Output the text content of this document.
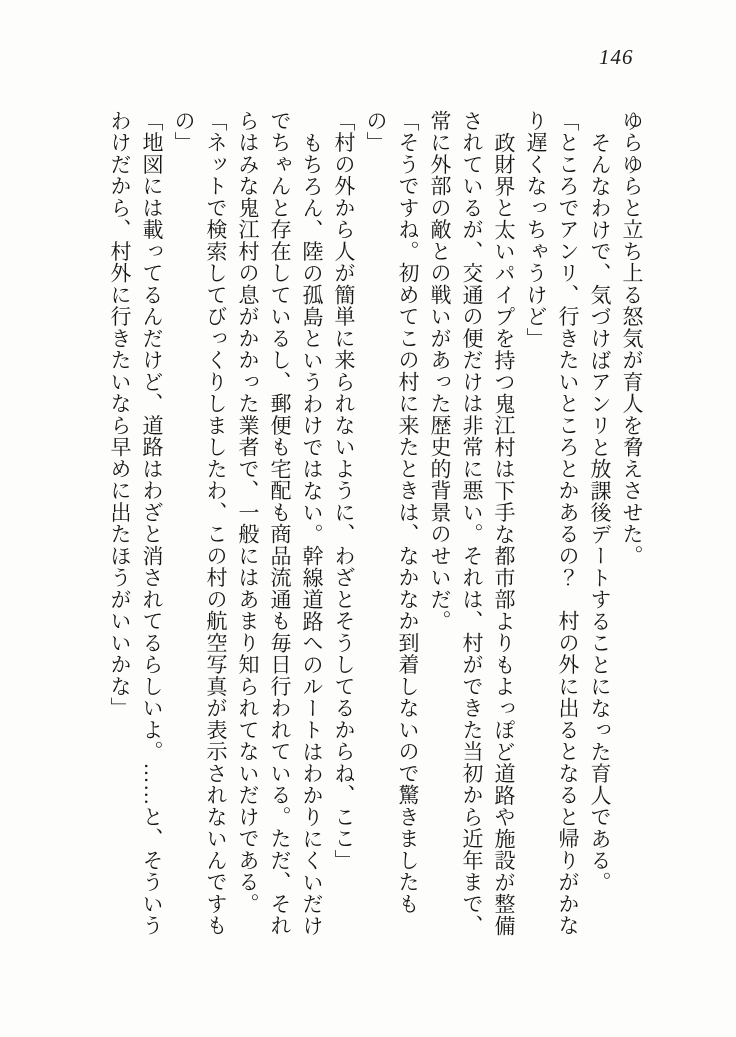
146
ゆらゆらと立ち上る怒気が育人を脅えさせた。
そんなわけで、気づけばアンリと放課後デートすることになった育人である。
「ところでアンリ、行きたいところとかあるの？　村の外に出るとなると帰りがかな
り遅くなっちゃうけど」
政財界と太いパイプを持つ鬼江村は下手な都市部よりもよっぽど道路や施設が整備
されているが、交通の便だけは非常に悪い。それは、村ができた当初から近年まで、
常に外部の敵との戦いがあった歴史的背景のせいだ。
「そうですね。初めてこの村に来たときは、なかなか到着しないので驚きましたも
の」
「村の外から人が簡単に来られないように、わざとそうしてるからね、ここ」
もちろん、陸の孤島というわけではない。幹線道路へのルートはわかりにくいだけ
でちゃんと存在しているし、郵便も宅配も商品流通も毎日行われている。ただ、それ
らはみな鬼江村の息がかかった業者で、一般にはあまり知られてないだけである。
「ネットで検索してびっくりしましたわ、この村の航空写真が表示されないんですも
の」
「地図には載ってるんだけど、道路はわざと消されてるらしいよ。……と、そういう
わけだから、村外に行きたいなら早めに出たほうがいいかな」
